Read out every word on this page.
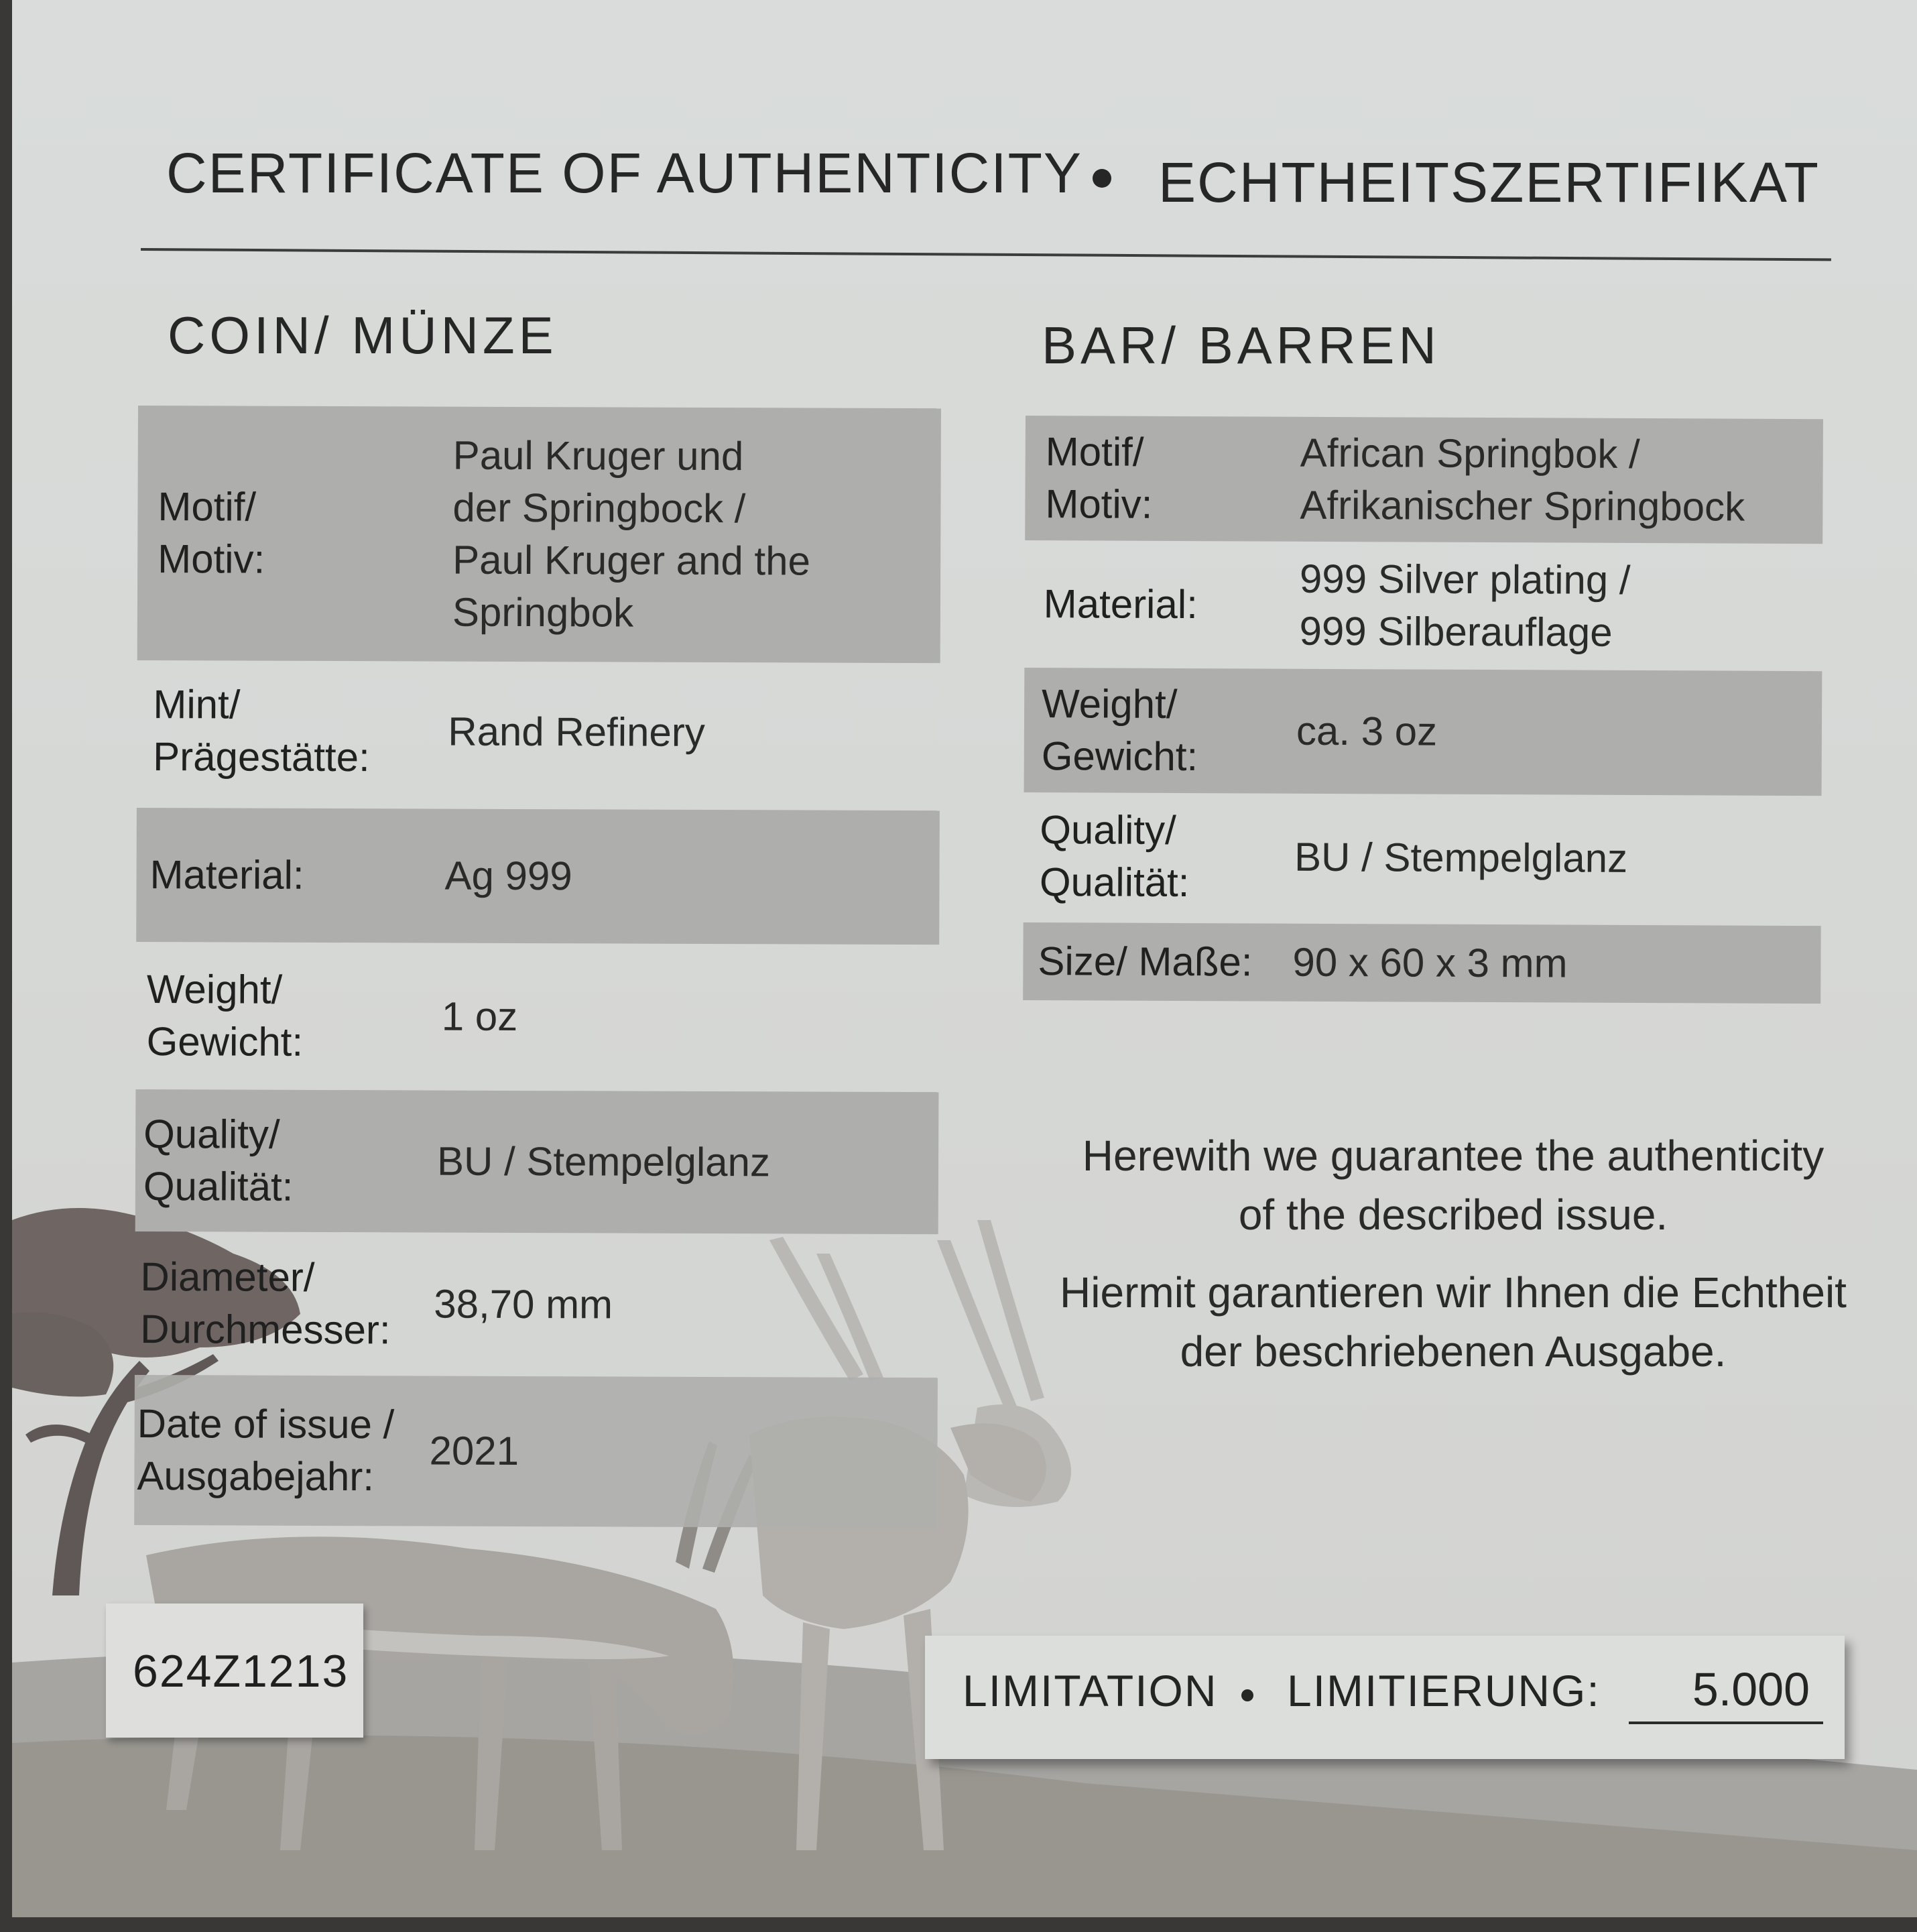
CERTIFICATE OF AUTHENTICITY ECHTHEITSZERTIFIKAT
COIN/ MÜNZE
Motif/
Motiv:
Paul Kruger und
der Springbock /
Paul Kruger and the
Springbok
Mint/
Prägestätte:
Rand Refinery
Material:	Ag 999
Weight/
Gewicht:
1 oz
Quality/
Qualität:
BU / Stempelglanz
Diameter/
Durchmesser:
38,70 mm
Date of issue /
Ausgabejahr:
2021
BAR/ BARREN
Motif/
Motiv:
African Springbok /
Afrikanischer Springbock
Material:
999 Silver plating /
999 Silberauflage
Weight/
Gewicht:
ca. 3 oz
Quality/
Qualität:
BU / Stempelglanz
Size/ Maße: 90 x 60 x 3 mm

Herewith we guarantee the authenticity
of the described issue.

Hiermit garantieren wir Ihnen die Echtheit
der beschriebenen Ausgabe.

LIMITATION LIMITIERUNG:	5.000
624Z1213
